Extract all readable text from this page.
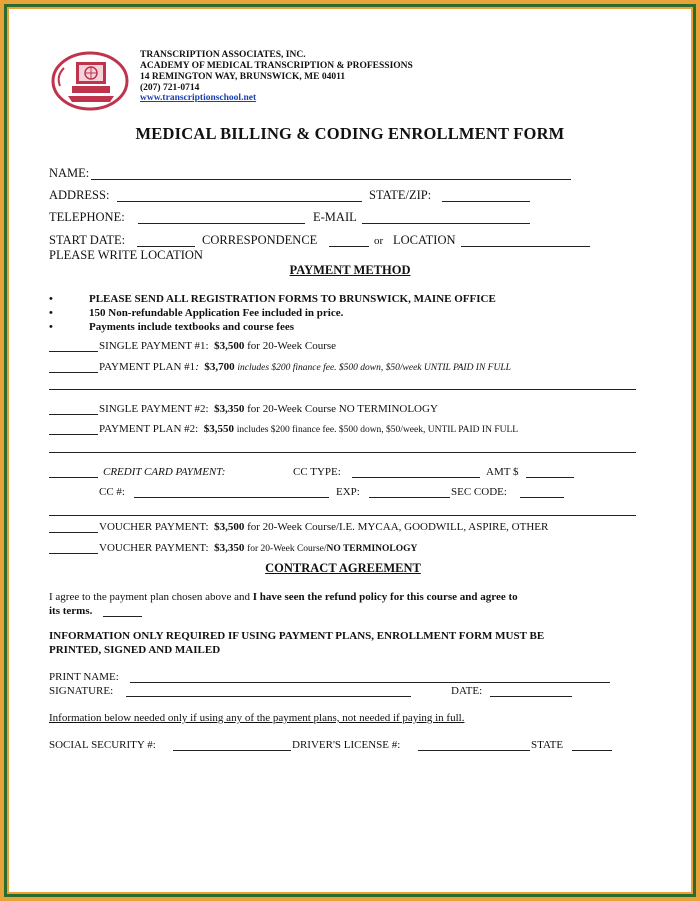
TRANSCRIPTION ASSOCIATES, INC.
ACADEMY OF MEDICAL TRANSCRIPTION & PROFESSIONS
14 REMINGTON WAY, BRUNSWICK, ME 04011
(207) 721-0714
www.transcriptionschool.net
MEDICAL BILLING & CODING ENROLLMENT FORM
NAME:
ADDRESS:	STATE/ZIP:
TELEPHONE:	E-MAIL
START DATE:	CORRESPONDENCE	or LOCATION
PLEASE WRITE LOCATION
PAYMENT METHOD
•	PLEASE SEND ALL REGISTRATION FORMS TO BRUNSWICK, MAINE OFFICE
•	150 Non-refundable Application Fee included in price.
•	Payments include textbooks and course fees
SINGLE PAYMENT #1: $3,500 for 20-Week Course
PAYMENT PLAN #1: $3,700 includes $200 finance fee. $500 down, $50/week UNTIL PAID IN FULL
SINGLE PAYMENT #2: $3,350 for 20-Week Course NO TERMINOLOGY
PAYMENT PLAN #2: $3,550 includes $200 finance fee. $500 down, $50/week, UNTIL PAID IN FULL
CREDIT CARD PAYMENT:	CC TYPE:	AMT $
CC #:	EXP:	SEC CODE:
VOUCHER PAYMENT: $3,500 for 20-Week Course/I.E. MYCAA, GOODWILL, ASPIRE, OTHER
VOUCHER PAYMENT: $3,350 for 20-Week Course/NO TERMINOLOGY
CONTRACT AGREEMENT
I agree to the payment plan chosen above and I have seen the refund policy for this course and agree to
its terms.
INFORMATION ONLY REQUIRED IF USING PAYMENT PLANS, ENROLLMENT FORM MUST BE
PRINTED, SIGNED AND MAILED
PRINT NAME:
SIGNATURE:	DATE:
Information below needed only if using any of the payment plans, not needed if paying in full.
SOCIAL SECURITY #:	DRIVER'S LICENSE #:	STATE
